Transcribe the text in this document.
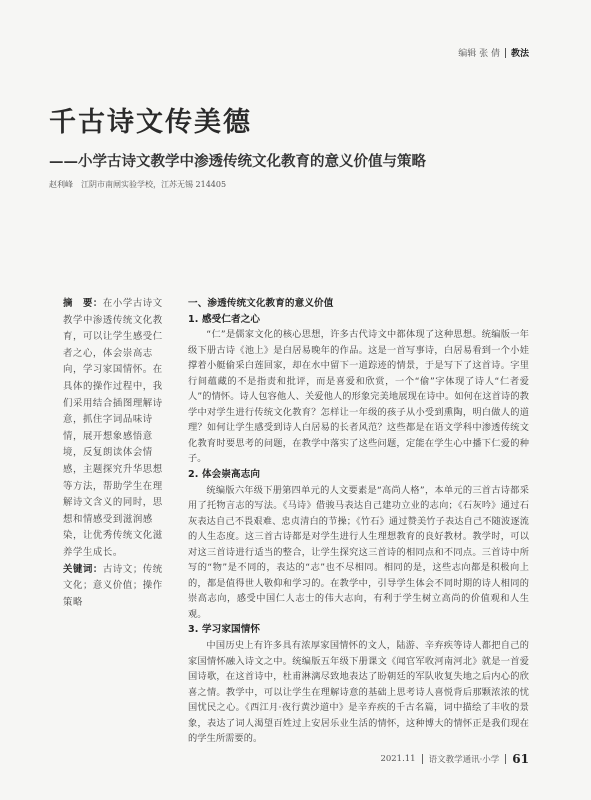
编辑 张 倩 教法
千古诗文传美德
——小学古诗文教学中渗透传统文化教育的意义价值与策略
赵利峰　江阴市南闸实验学校，江苏无锡 214405

摘　要：在小学古诗文教学中渗透传统文化教育，可以让学生感受仁者之心，体会崇高志向，学习家国情怀。在具体的操作过程中，我们采用结合插图理解诗意，抓住字词品味诗情，展开想象感悟意境，反复朗读体会情感，主题探究升华思想等方法，帮助学生在理解诗文含义的同时，思想和情感受到滋润感染，让优秀传统文化滋养学生成长。

关键词：古诗文；传统文化；意义价值；操作策略

一、渗透传统文化教育的意义价值
1. 感受仁者之心

“仁”是儒家文化的核心思想，许多古代诗文中都体现了这种思想。统编版一年级下册古诗《池上》是白居易晚年的作品。这是一首写事诗，白居易看到一个小娃撑着小艇偷采白莲回家，却在水中留下一道踪迹的情景，于是写下了这首诗。字里行间蕴藏的不是指责和批评，而是喜爱和欣赏，一个“偷”字体现了诗人“仁者爱人”的情怀。诗人包容他人、关爱他人的形象完美地展现在诗中。如何在这首诗的教学中对学生进行传统文化教育？怎样让一年级的孩子从小受到熏陶，明白做人的道理？如何让学生感受到诗人白居易的长者风范？这些都是在语文学科中渗透传统文化教育时要思考的问题，在教学中落实了这些问题，定能在学生心中播下仁爱的种子。

2. 体会崇高志向

统编版六年级下册第四单元的人文要素是“高尚人格”，本单元的三首古诗都采用了托物言志的写法。《马诗》借骏马表达自己建功立业的志向；《石灰吟》通过石灰表达自己不畏艰难、忠贞清白的节操；《竹石》通过赞美竹子表达自己不随波逐流的人生态度。这三首古诗都是对学生进行人生理想教育的良好教材。教学时，可以对这三首诗进行适当的整合，让学生探究这三首诗的相同点和不同点。三首诗中所写的“物”是不同的，表达的“志”也不尽相同。相同的是，这些志向都是积极向上的，都是值得世人敬仰和学习的。在教学中，引导学生体会不同时期的诗人相同的崇高志向，感受中国仁人志士的伟大志向，有利于学生树立高尚的价值观和人生观。

3. 学习家国情怀

中国历史上有许多具有浓厚家国情怀的文人，陆游、辛弃疾等诗人都把自己的家国情怀融入诗文之中。统编版五年级下册课文《闻官军收河南河北》就是一首爱国诗歌，在这首诗中，杜甫淋漓尽致地表达了盼朝廷的军队收复失地之后内心的欣喜之情。教学中，可以让学生在理解诗意的基础上思考诗人喜悦背后那颗浓浓的忧国忧民之心。《西江月·夜行黄沙道中》是辛弃疾的千古名篇，词中描绘了丰收的景象，表达了词人渴望百姓过上安居乐业生活的情怀，这种博大的情怀正是我们现在的学生所需要的。

2021.11 语文教学通讯·小学 61
